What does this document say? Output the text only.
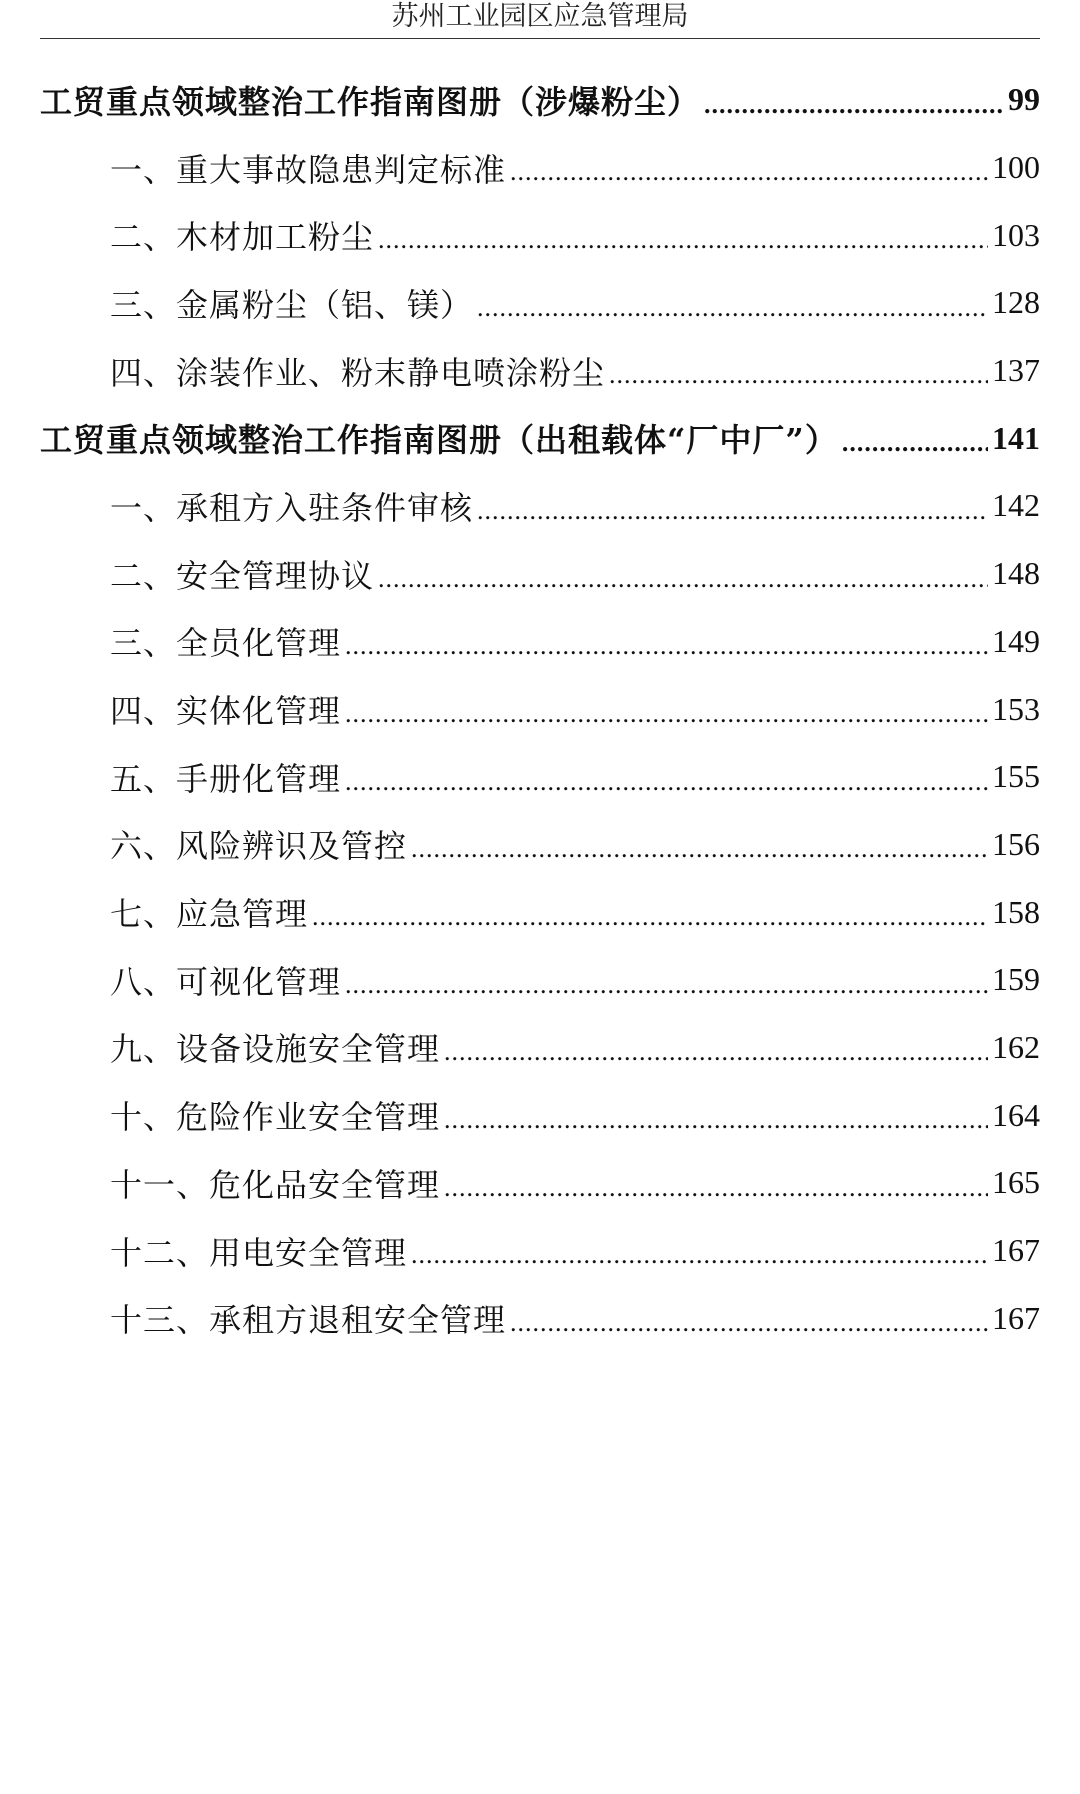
苏州工业园区应急管理局
工贸重点领域整治工作指南图册（涉爆粉尘） .....	99
一、重大事故隐患判定标准 .....	100
二、木材加工粉尘 .....	103
三、金属粉尘（铝、镁） .....	128
四、涂装作业、粉末静电喷涂粉尘 .....	137
工贸重点领域整治工作指南图册（出租载体“厂中厂”） .....	141
一、承租方入驻条件审核 .....	142
二、安全管理协议 .....	148
三、全员化管理 .....	149
四、实体化管理 .....	153
五、手册化管理 .....	155
六、风险辨识及管控 .....	156
七、应急管理 .....	158
八、可视化管理 .....	159
九、设备设施安全管理 .....	162
十、危险作业安全管理 .....	164
十一、危化品安全管理 .....	165
十二、用电安全管理 .....	167
十三、承租方退租安全管理 .....	167
